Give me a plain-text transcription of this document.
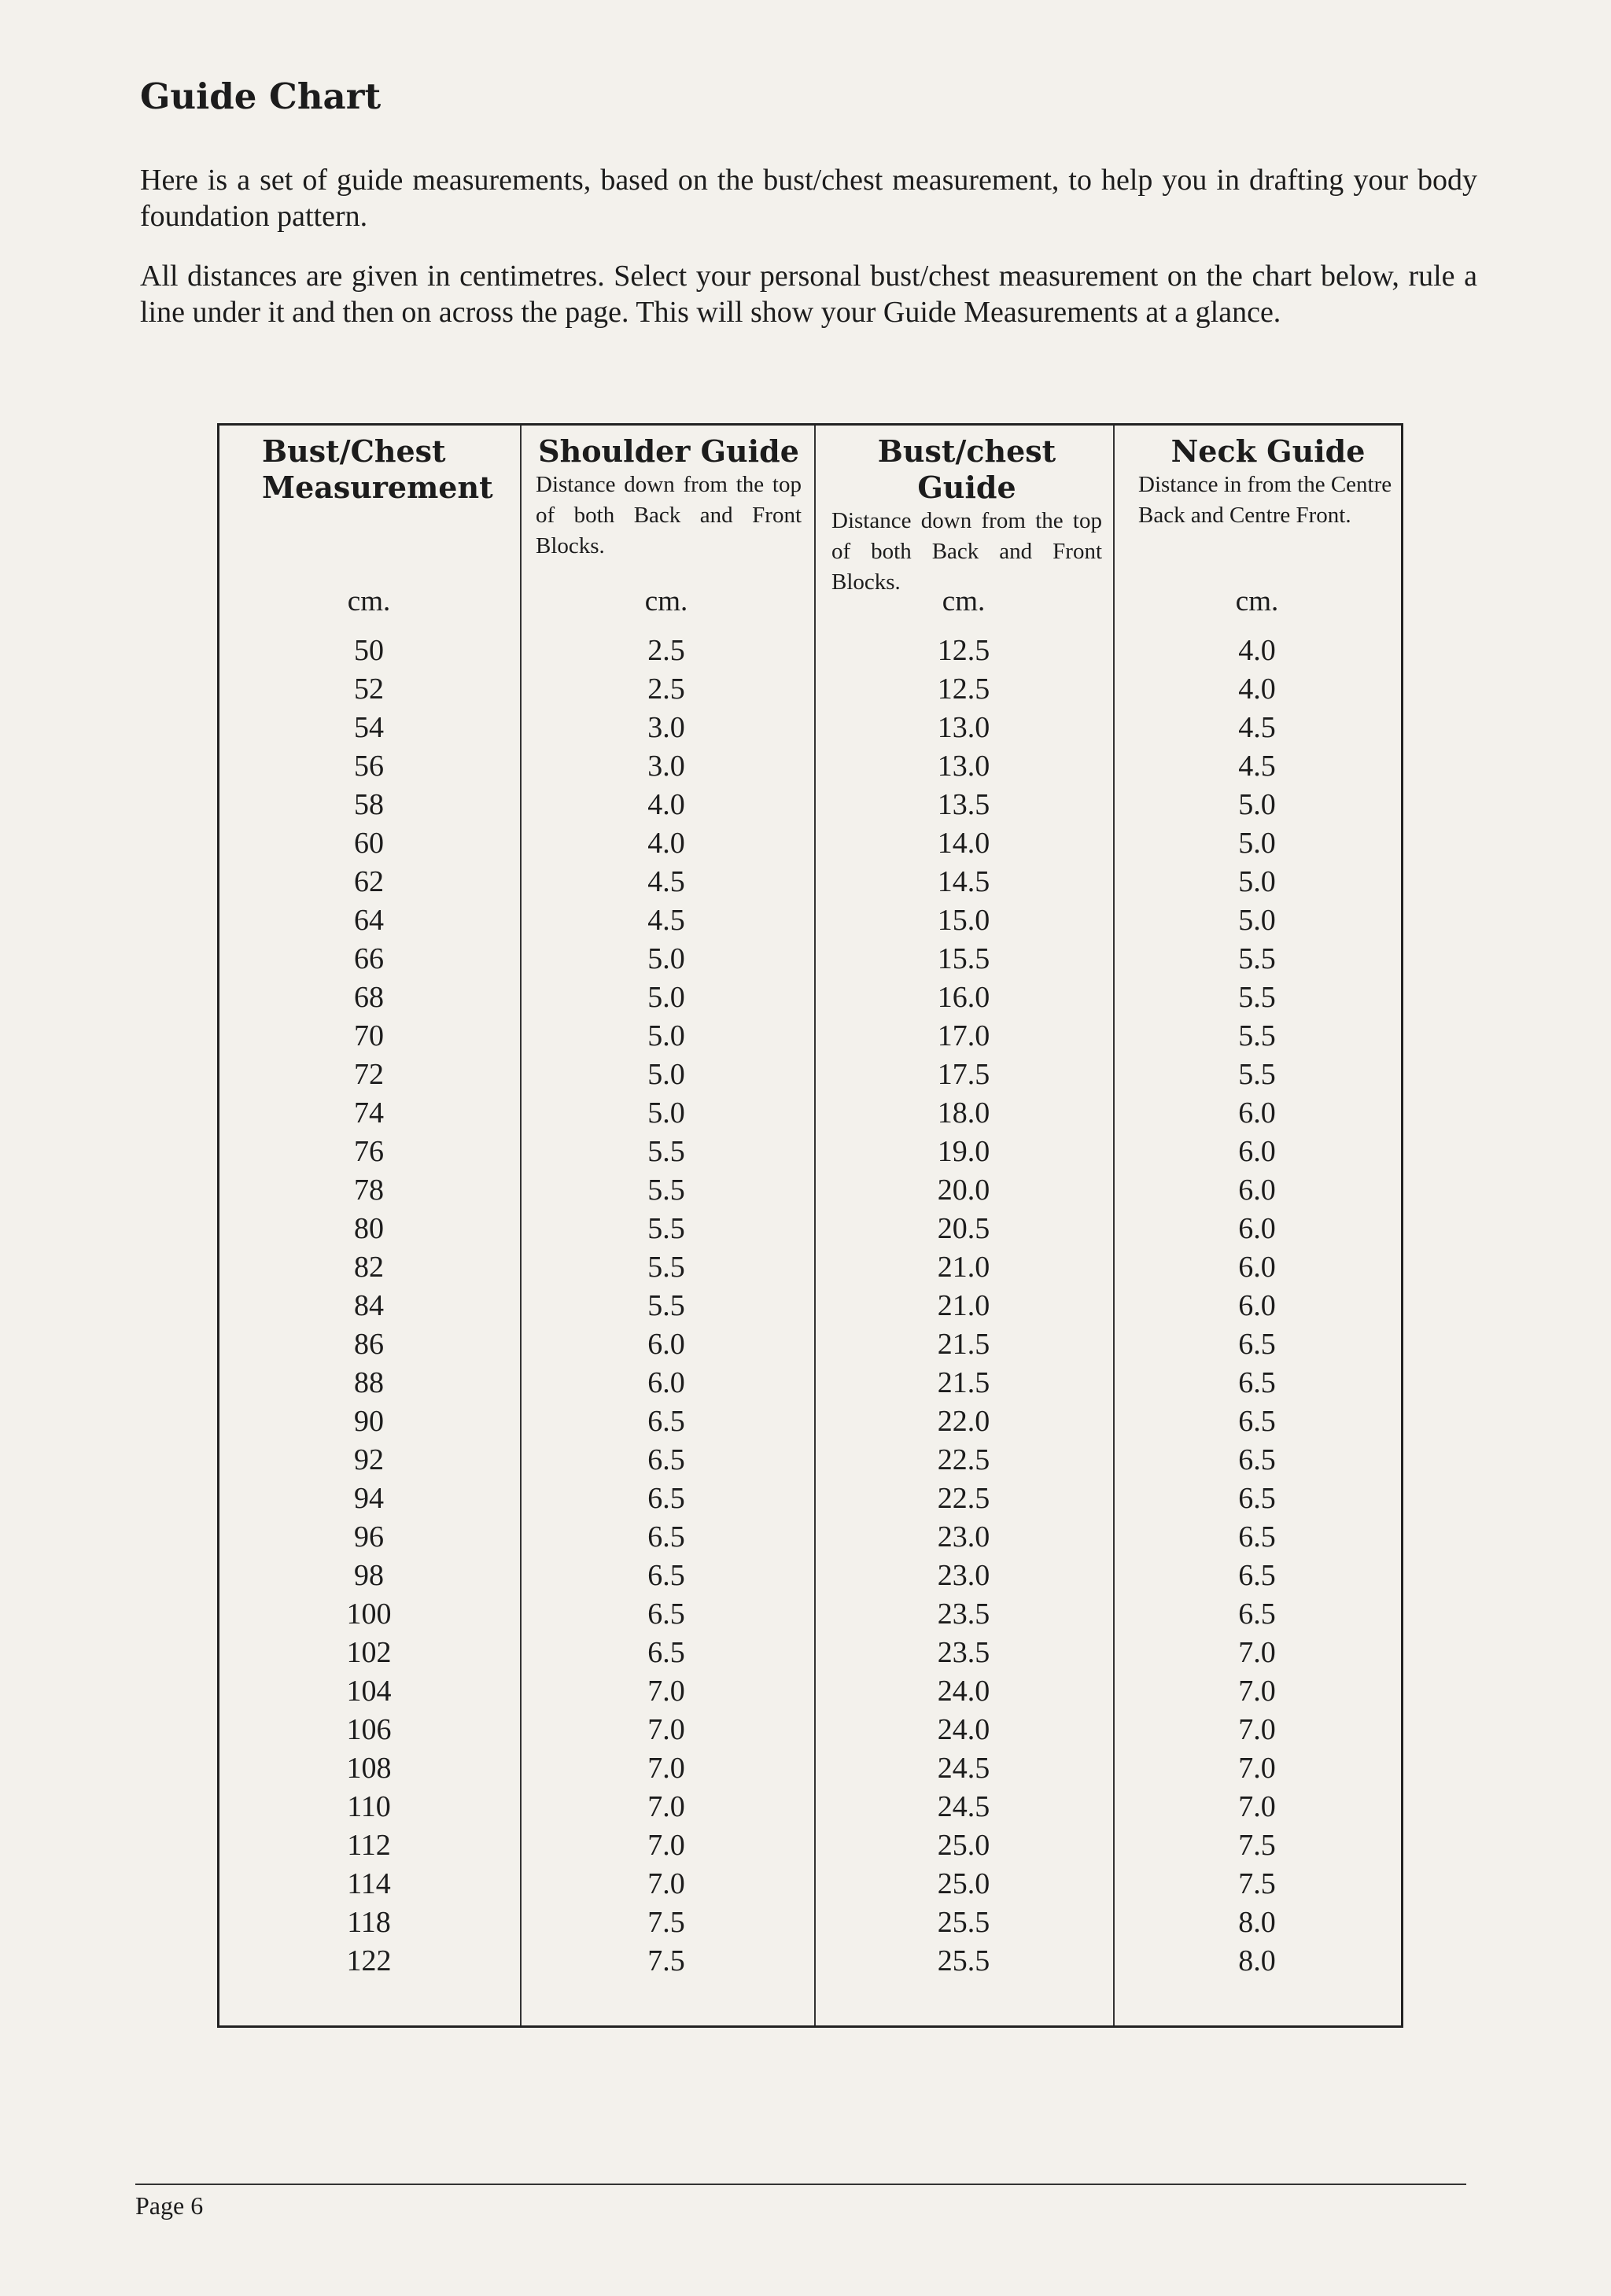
Guide Chart

Here is a set of guide measurements, based on the bust/chest measurement, to help you in drafting your body foundation pattern.

All distances are given in centimetres. Select your personal bust/chest measurement on the chart below, rule a line under it and then on across the page. This will show your Guide Measurements at a glance.

Bust/Chest Measurement
Shoulder Guide
Distance down from the top of both Back and Front Blocks.
Bust/chest Guide
Distance down from the top of both Back and Front Blocks.
Neck Guide
Distance in from the Centre Back and Centre Front.
cm.	cm.	cm.	cm.
50	2.5	12.5	4.0
52	2.5	12.5	4.0
54	3.0	13.0	4.5
56	3.0	13.0	4.5
58	4.0	13.5	5.0
60	4.0	14.0	5.0
62	4.5	14.5	5.0
64	4.5	15.0	5.0
66	5.0	15.5	5.5
68	5.0	16.0	5.5
70	5.0	17.0	5.5
72	5.0	17.5	5.5
74	5.0	18.0	6.0
76	5.5	19.0	6.0
78	5.5	20.0	6.0
80	5.5	20.5	6.0
82	5.5	21.0	6.0
84	5.5	21.0	6.0
86	6.0	21.5	6.5
88	6.0	21.5	6.5
90	6.5	22.0	6.5
92	6.5	22.5	6.5
94	6.5	22.5	6.5
96	6.5	23.0	6.5
98	6.5	23.0	6.5
100	6.5	23.5	6.5
102	6.5	23.5	7.0
104	7.0	24.0	7.0
106	7.0	24.0	7.0
108	7.0	24.5	7.0
110	7.0	24.5	7.0
112	7.0	25.0	7.5
114	7.0	25.0	7.5
118	7.5	25.5	8.0
122	7.5	25.5	8.0
Page 6
